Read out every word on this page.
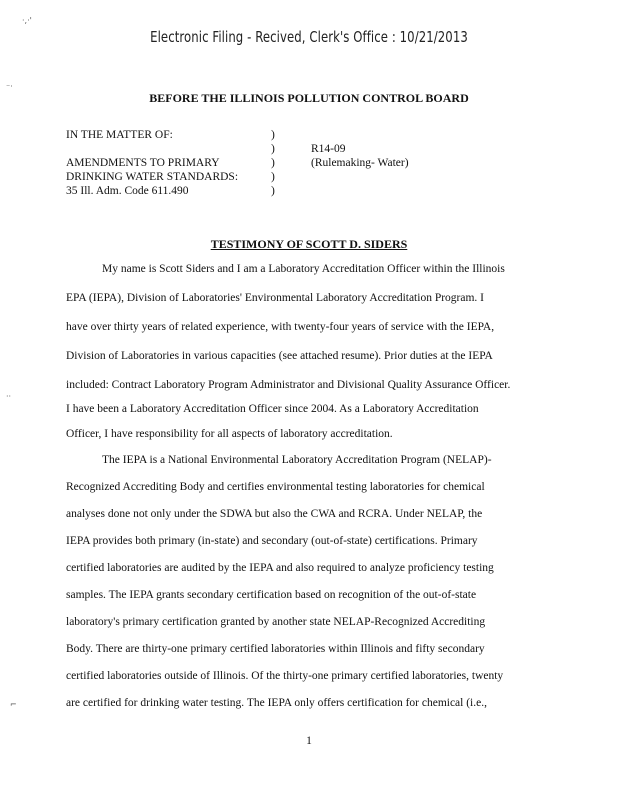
Electronic Filing - Recived, Clerk's Office : 10/21/2013
·,·'
⁻·
··
⌐
BEFORE THE ILLINOIS POLLUTION CONTROL BOARD
IN THE MATTER OF:
AMENDMENTS TO PRIMARY
DRINKING WATER STANDARDS:
35 Ill. Adm. Code 611.490
)
)
)
)
)
R14-09
(Rulemaking- Water)
TESTIMONY OF SCOTT D. SIDERS
My name is Scott Siders and I am a Laboratory Accreditation Officer within the Illinois
EPA (IEPA), Division of Laboratories' Environmental Laboratory Accreditation Program. I
have over thirty years of related experience, with twenty-four years of service with the IEPA,
Division of Laboratories in various capacities (see attached resume). Prior duties at the IEPA
included: Contract Laboratory Program Administrator and Divisional Quality Assurance Officer.
I have been a Laboratory Accreditation Officer since 2004. As a Laboratory Accreditation
Officer, I have responsibility for all aspects of laboratory accreditation.
The IEPA is a National Environmental Laboratory Accreditation Program (NELAP)-
Recognized Accrediting Body and certifies environmental testing laboratories for chemical
analyses done not only under the SDWA but also the CWA and RCRA. Under NELAP, the
IEPA provides both primary (in-state) and secondary (out-of-state) certifications. Primary
certified laboratories are audited by the IEPA and also required to analyze proficiency testing
samples. The IEPA grants secondary certification based on recognition of the out-of-state
laboratory's primary certification granted by another state NELAP-Recognized Accrediting
Body. There are thirty-one primary certified laboratories within Illinois and fifty secondary
certified laboratories outside of Illinois. Of the thirty-one primary certified laboratories, twenty
are certified for drinking water testing. The IEPA only offers certification for chemical (i.e.,
1
